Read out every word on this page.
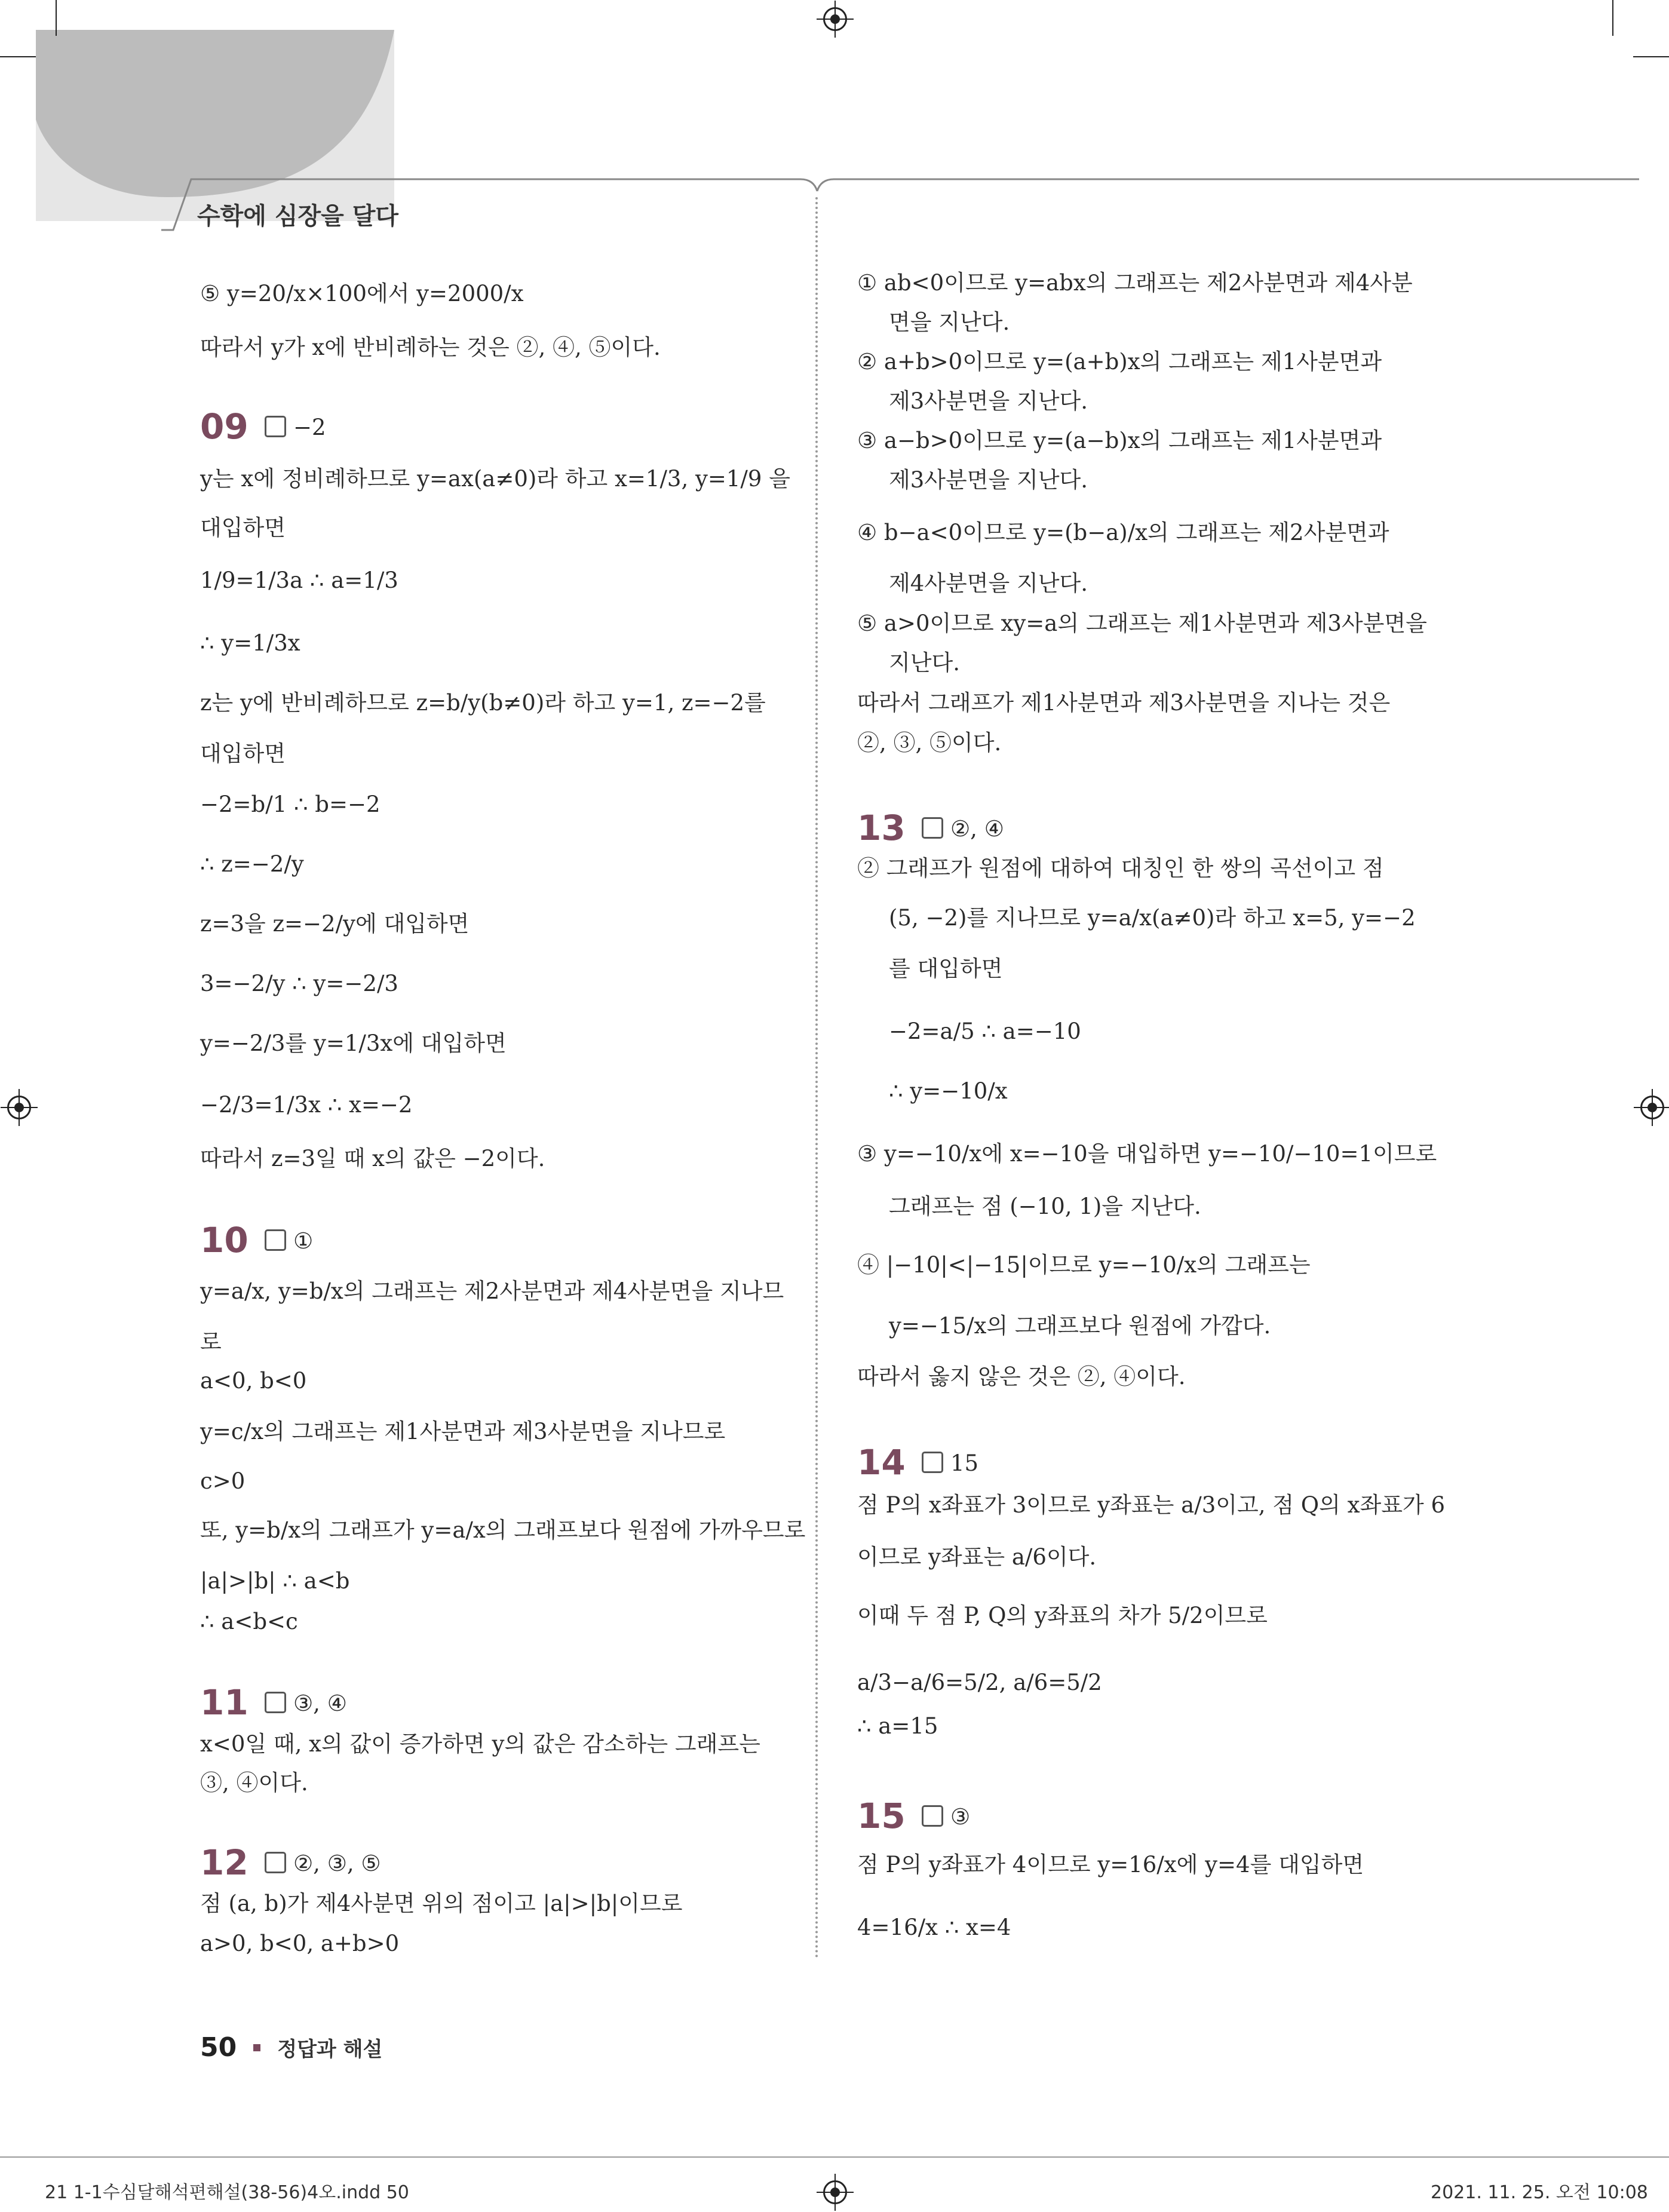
수학에 심장을 달다
⑤ y=20/x×100에서 y=2000/x
따라서 y가 x에 반비례하는 것은 ②, ④, ⑤이다.
09	−2
y는 x에 정비례하므로 y=ax(a≠0)라 하고 x=1/3, y=1/9 을
대입하면
1/9=1/3a ∴ a=1/3
∴ y=1/3x
z는 y에 반비례하므로 z=b/y(b≠0)라 하고 y=1, z=−2를
대입하면
−2=b/1 ∴ b=−2
∴ z=−2/y
z=3을 z=−2/y에 대입하면
3=−2/y ∴ y=−2/3
y=−2/3를 y=1/3x에 대입하면
−2/3=1/3x ∴ x=−2
따라서 z=3일 때 x의 값은 −2이다.
10	①
y=a/x, y=b/x의 그래프는 제2사분면과 제4사분면을 지나므
로
a<0, b<0
y=c/x의 그래프는 제1사분면과 제3사분면을 지나므로
c>0
또, y=b/x의 그래프가 y=a/x의 그래프보다 원점에 가까우므로
|a|>|b| ∴ a<b
∴ a<b<c
11	③, ④
x<0일 때, x의 값이 증가하면 y의 값은 감소하는 그래프는
③, ④이다.
12	②, ③, ⑤
점 (a, b)가 제4사분면 위의 점이고 |a|>|b|이므로
a>0, b<0, a+b>0
① ab<0이므로 y=abx의 그래프는 제2사분면과 제4사분
면을 지난다.
② a+b>0이므로 y=(a+b)x의 그래프는 제1사분면과
제3사분면을 지난다.
③ a−b>0이므로 y=(a−b)x의 그래프는 제1사분면과
제3사분면을 지난다.
④ b−a<0이므로 y=(b−a)/x의 그래프는 제2사분면과
제4사분면을 지난다.
⑤ a>0이므로 xy=a의 그래프는 제1사분면과 제3사분면을
지난다.
따라서 그래프가 제1사분면과 제3사분면을 지나는 것은
②, ③, ⑤이다.
13	②, ④
② 그래프가 원점에 대하여 대칭인 한 쌍의 곡선이고 점
(5, −2)를 지나므로 y=a/x(a≠0)라 하고 x=5, y=−2
를 대입하면
−2=a/5 ∴ a=−10
∴ y=−10/x
③ y=−10/x에 x=−10을 대입하면 y=−10/−10=1이므로
그래프는 점 (−10, 1)을 지난다.
④ |−10|<|−15|이므로 y=−10/x의 그래프는
y=−15/x의 그래프보다 원점에 가깝다.
따라서 옳지 않은 것은 ②, ④이다.
14	15
점 P의 x좌표가 3이므로 y좌표는 a/3이고, 점 Q의 x좌표가 6
이므로 y좌표는 a/6이다.
이때 두 점 P, Q의 y좌표의 차가 5/2이므로
a/3−a/6=5/2, a/6=5/2
∴ a=15
15	③
점 P의 y좌표가 4이므로 y=16/x에 y=4를 대입하면
4=16/x ∴ x=4
50 정답과 해설
21 1-1수심달해석편해설(38-56)4오.indd 50	2021. 11. 25. 오전 10:08
